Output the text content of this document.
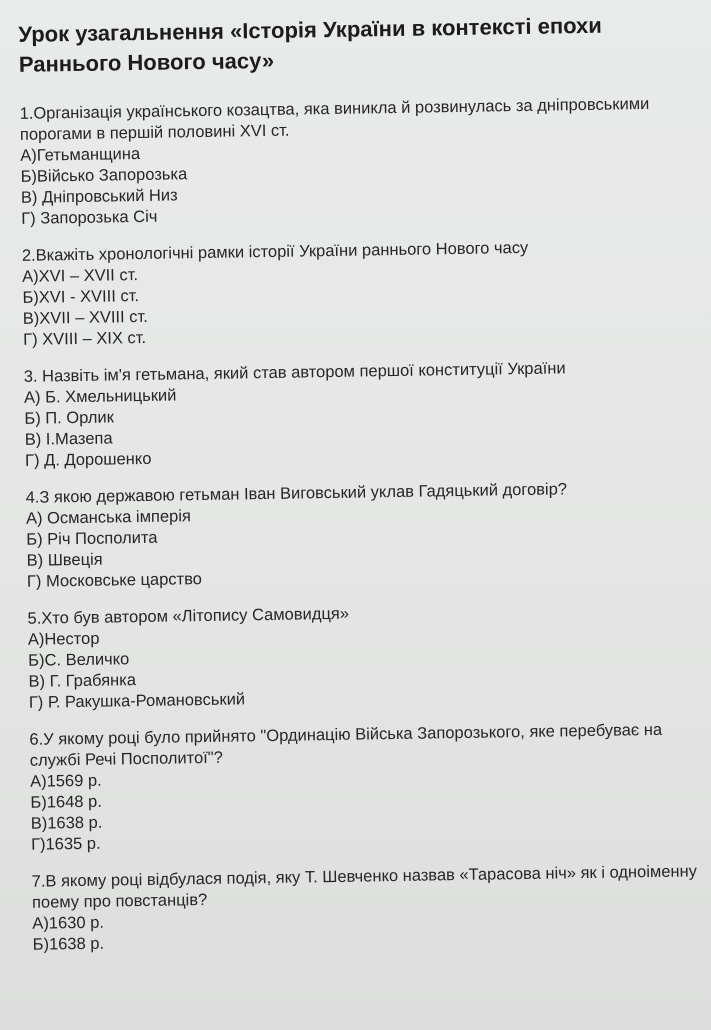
Урок узагальнення «Історія України в контексті епохи Раннього Нового часу»

1.Організація українського козацтва, яка виникла й розвинулась за дніпровськими порогами в першій половині XVI ст.

А)Гетьманщина

Б)Військо Запорозька

В) Дніпровський Низ

Г) Запорозька Січ

2.Вкажіть хронологічні рамки історії України раннього Нового часу

А)XVI – XVII ст.

Б)XVI - XVIII ст.

В)XVII – XVIII ст.

Г) XVIII – XIX ст.

3. Назвіть ім'я гетьмана, який став автором першої конституції України

А) Б. Хмельницький

Б) П. Орлик

В) І.Мазепа

Г) Д. Дорошенко

4.З якою державою гетьман Іван Виговський уклав Гадяцький договір?

А) Османська імперія

Б) Річ Посполита

В) Швеція

Г) Московське царство

5.Хто був автором «Літопису Самовидця»

А)Нестор

Б)С. Величко

В) Г. Грабянка

Г) Р. Ракушка-Романовський

6.У якому році було прийнято "Ординацію Війська Запорозького, яке перебуває на службі Речі Посполитої"?

А)1569 р.

Б)1648 р.

В)1638 р.

Г)1635 р.

7.В якому році відбулася подія, яку Т. Шевченко назвав «Тарасова ніч» як і одноіменну поему про повстанців?

А)1630 р.

Б)1638 р.
